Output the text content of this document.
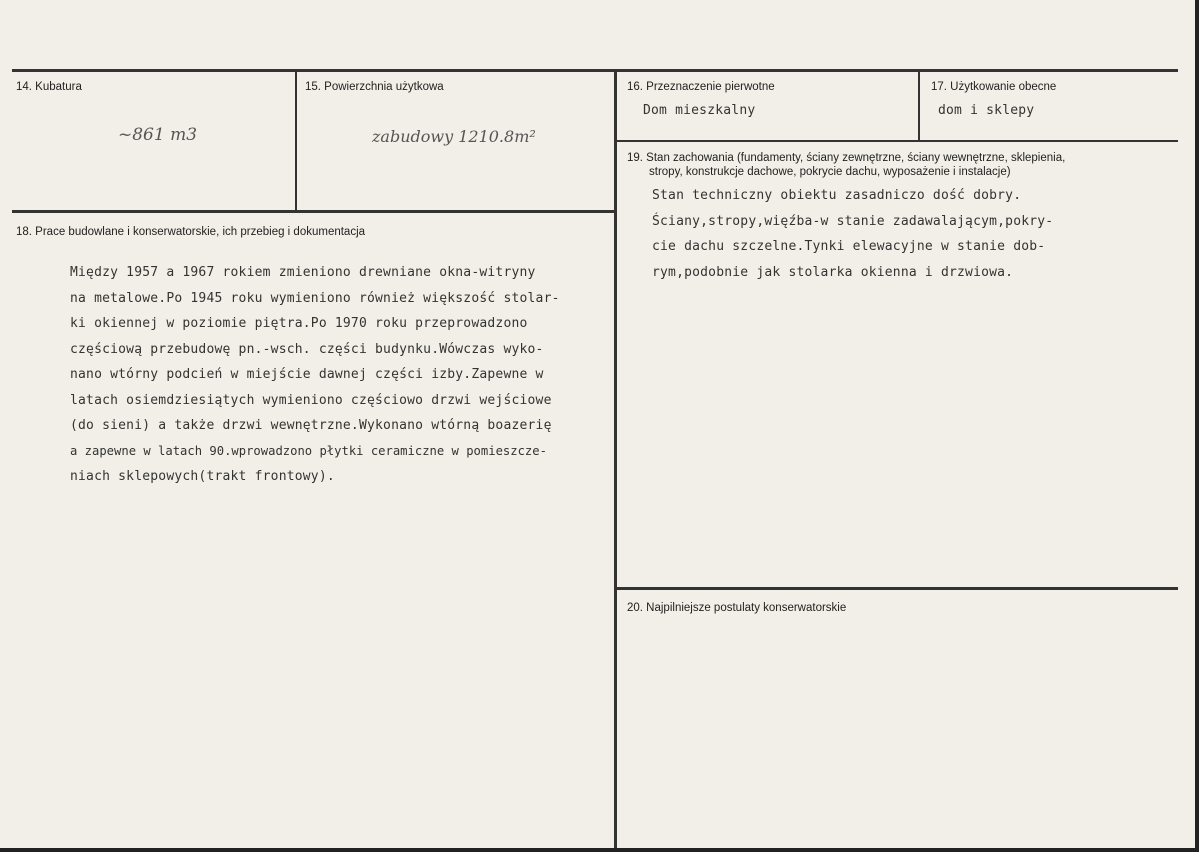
14. Kubatura
~861 m3
15. Powierzchnia użytkowa
zabudowy 1210.8m²
16. Przeznaczenie pierwotne
Dom mieszkalny
17. Użytkowanie obecne
dom i sklepy
18. Prace budowlane i konserwatorskie, ich przebieg i dokumentacja
Między 1957 a 1967 rokiem zmieniono drewniane okna-witryny
na metalowe.Po 1945 roku wymieniono również większość stolar-
ki okiennej w poziomie piętra.Po 1970 roku przeprowadzono
częściową przebudowę pn.-wsch. części budynku.Wówczas wyko-
nano wtórny podcień w miejście dawnej części izby.Zapewne w
latach osiemdziesiątych wymieniono częściowo drzwi wejściowe
(do sieni) a także drzwi wewnętrzne.Wykonano wtórną boazerię
a zapewne w latach 90.wprowadzono płytki ceramiczne w pomieszcze-
niach sklepowych(trakt frontowy).
19. Stan zachowania (fundamenty, ściany zewnętrzne, ściany wewnętrzne, sklepienia,
stropy, konstrukcje dachowe, pokrycie dachu, wyposażenie i instalacje)
Stan techniczny obiektu zasadniczo dość dobry.
Ściany,stropy,więźba-w stanie zadawalającym,pokry-
cie dachu szczelne.Tynki elewacyjne w stanie dob-
rym,podobnie jak stolarka okienna i drzwiowa.
20. Najpilniejsze postulaty konserwatorskie
